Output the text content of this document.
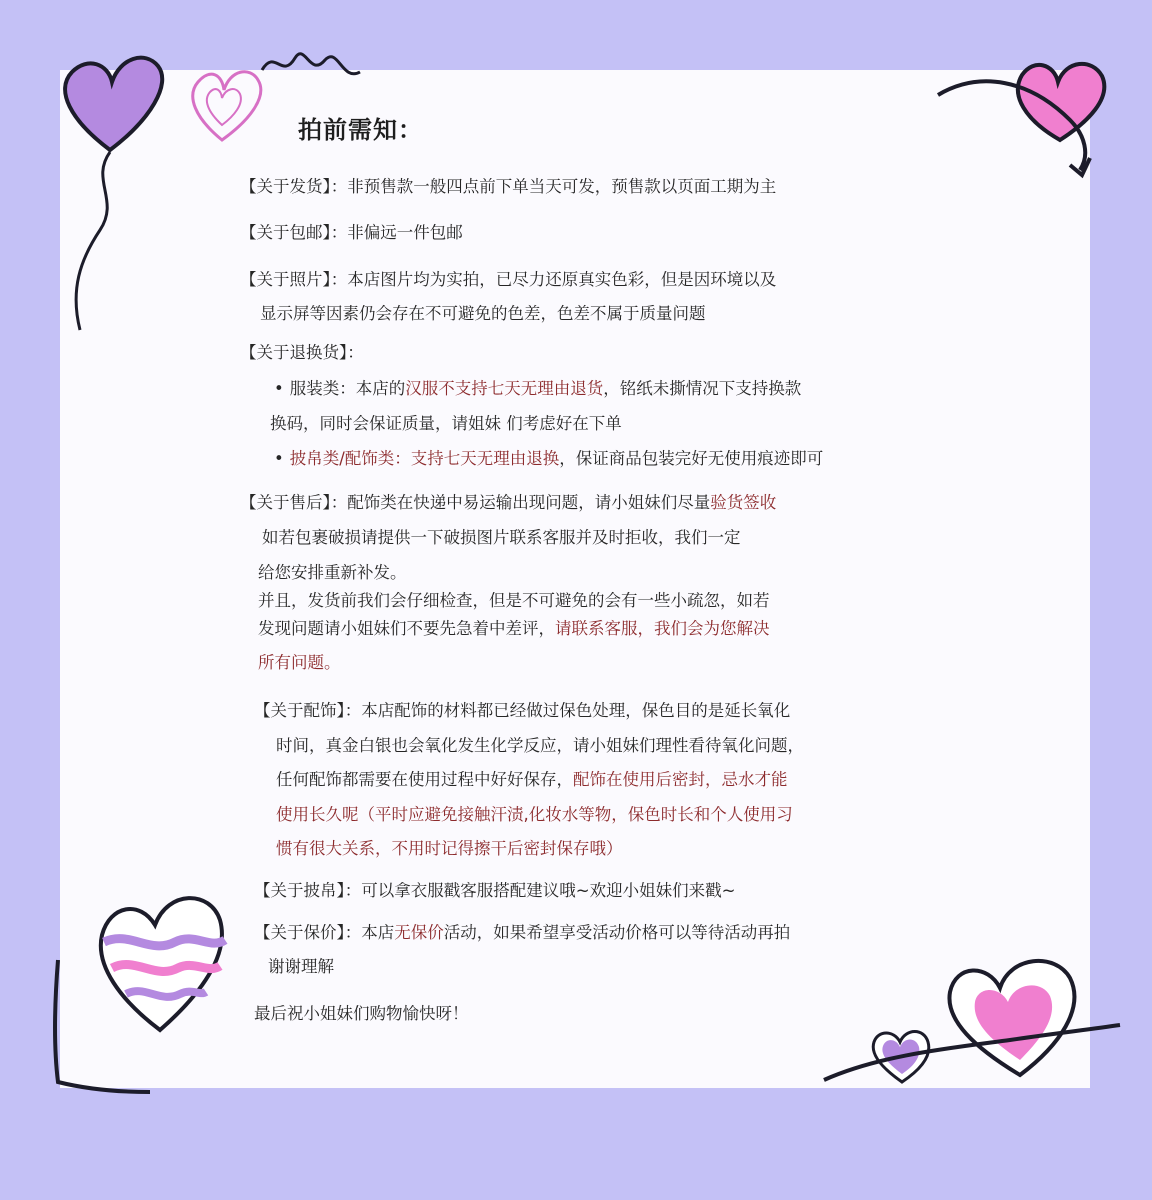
拍前需知：
【关于发货】：非预售款一般四点前下单当天可发，预售款以页面工期为主
【关于包邮】：非偏远一件包邮
【关于照片】：本店图片均为实拍，已尽力还原真实色彩，但是因环境以及
显示屏等因素仍会存在不可避免的色差，色差不属于质量问题
【关于退换货】：
• 服装类：本店的汉服不支持七天无理由退货，铭纸未撕情况下支持换款
换码，同时会保证质量，请姐妹 们考虑好在下单
• 披帛类/配饰类：支持七天无理由退换，保证商品包装完好无使用痕迹即可
【关于售后】：配饰类在快递中易运输出现问题，请小姐妹们尽量验货签收
如若包裹破损请提供一下破损图片联系客服并及时拒收，我们一定
给您安排重新补发。
并且，发货前我们会仔细检查，但是不可避免的会有一些小疏忽，如若
发现问题请小姐妹们不要先急着中差评，请联系客服，我们会为您解决
所有问题。
【关于配饰】：本店配饰的材料都已经做过保色处理，保色目的是延长氧化
时间，真金白银也会氧化发生化学反应，请小姐妹们理性看待氧化问题，
任何配饰都需要在使用过程中好好保存，配饰在使用后密封，忌水才能
使用长久呢（平时应避免接触汗渍,化妆水等物，保色时长和个人使用习
惯有很大关系，不用时记得擦干后密封保存哦）
【关于披帛】：可以拿衣服戳客服搭配建议哦~欢迎小姐妹们来戳~
【关于保价】：本店无保价活动，如果希望享受活动价格可以等待活动再拍
谢谢理解
最后祝小姐妹们购物愉快呀！
